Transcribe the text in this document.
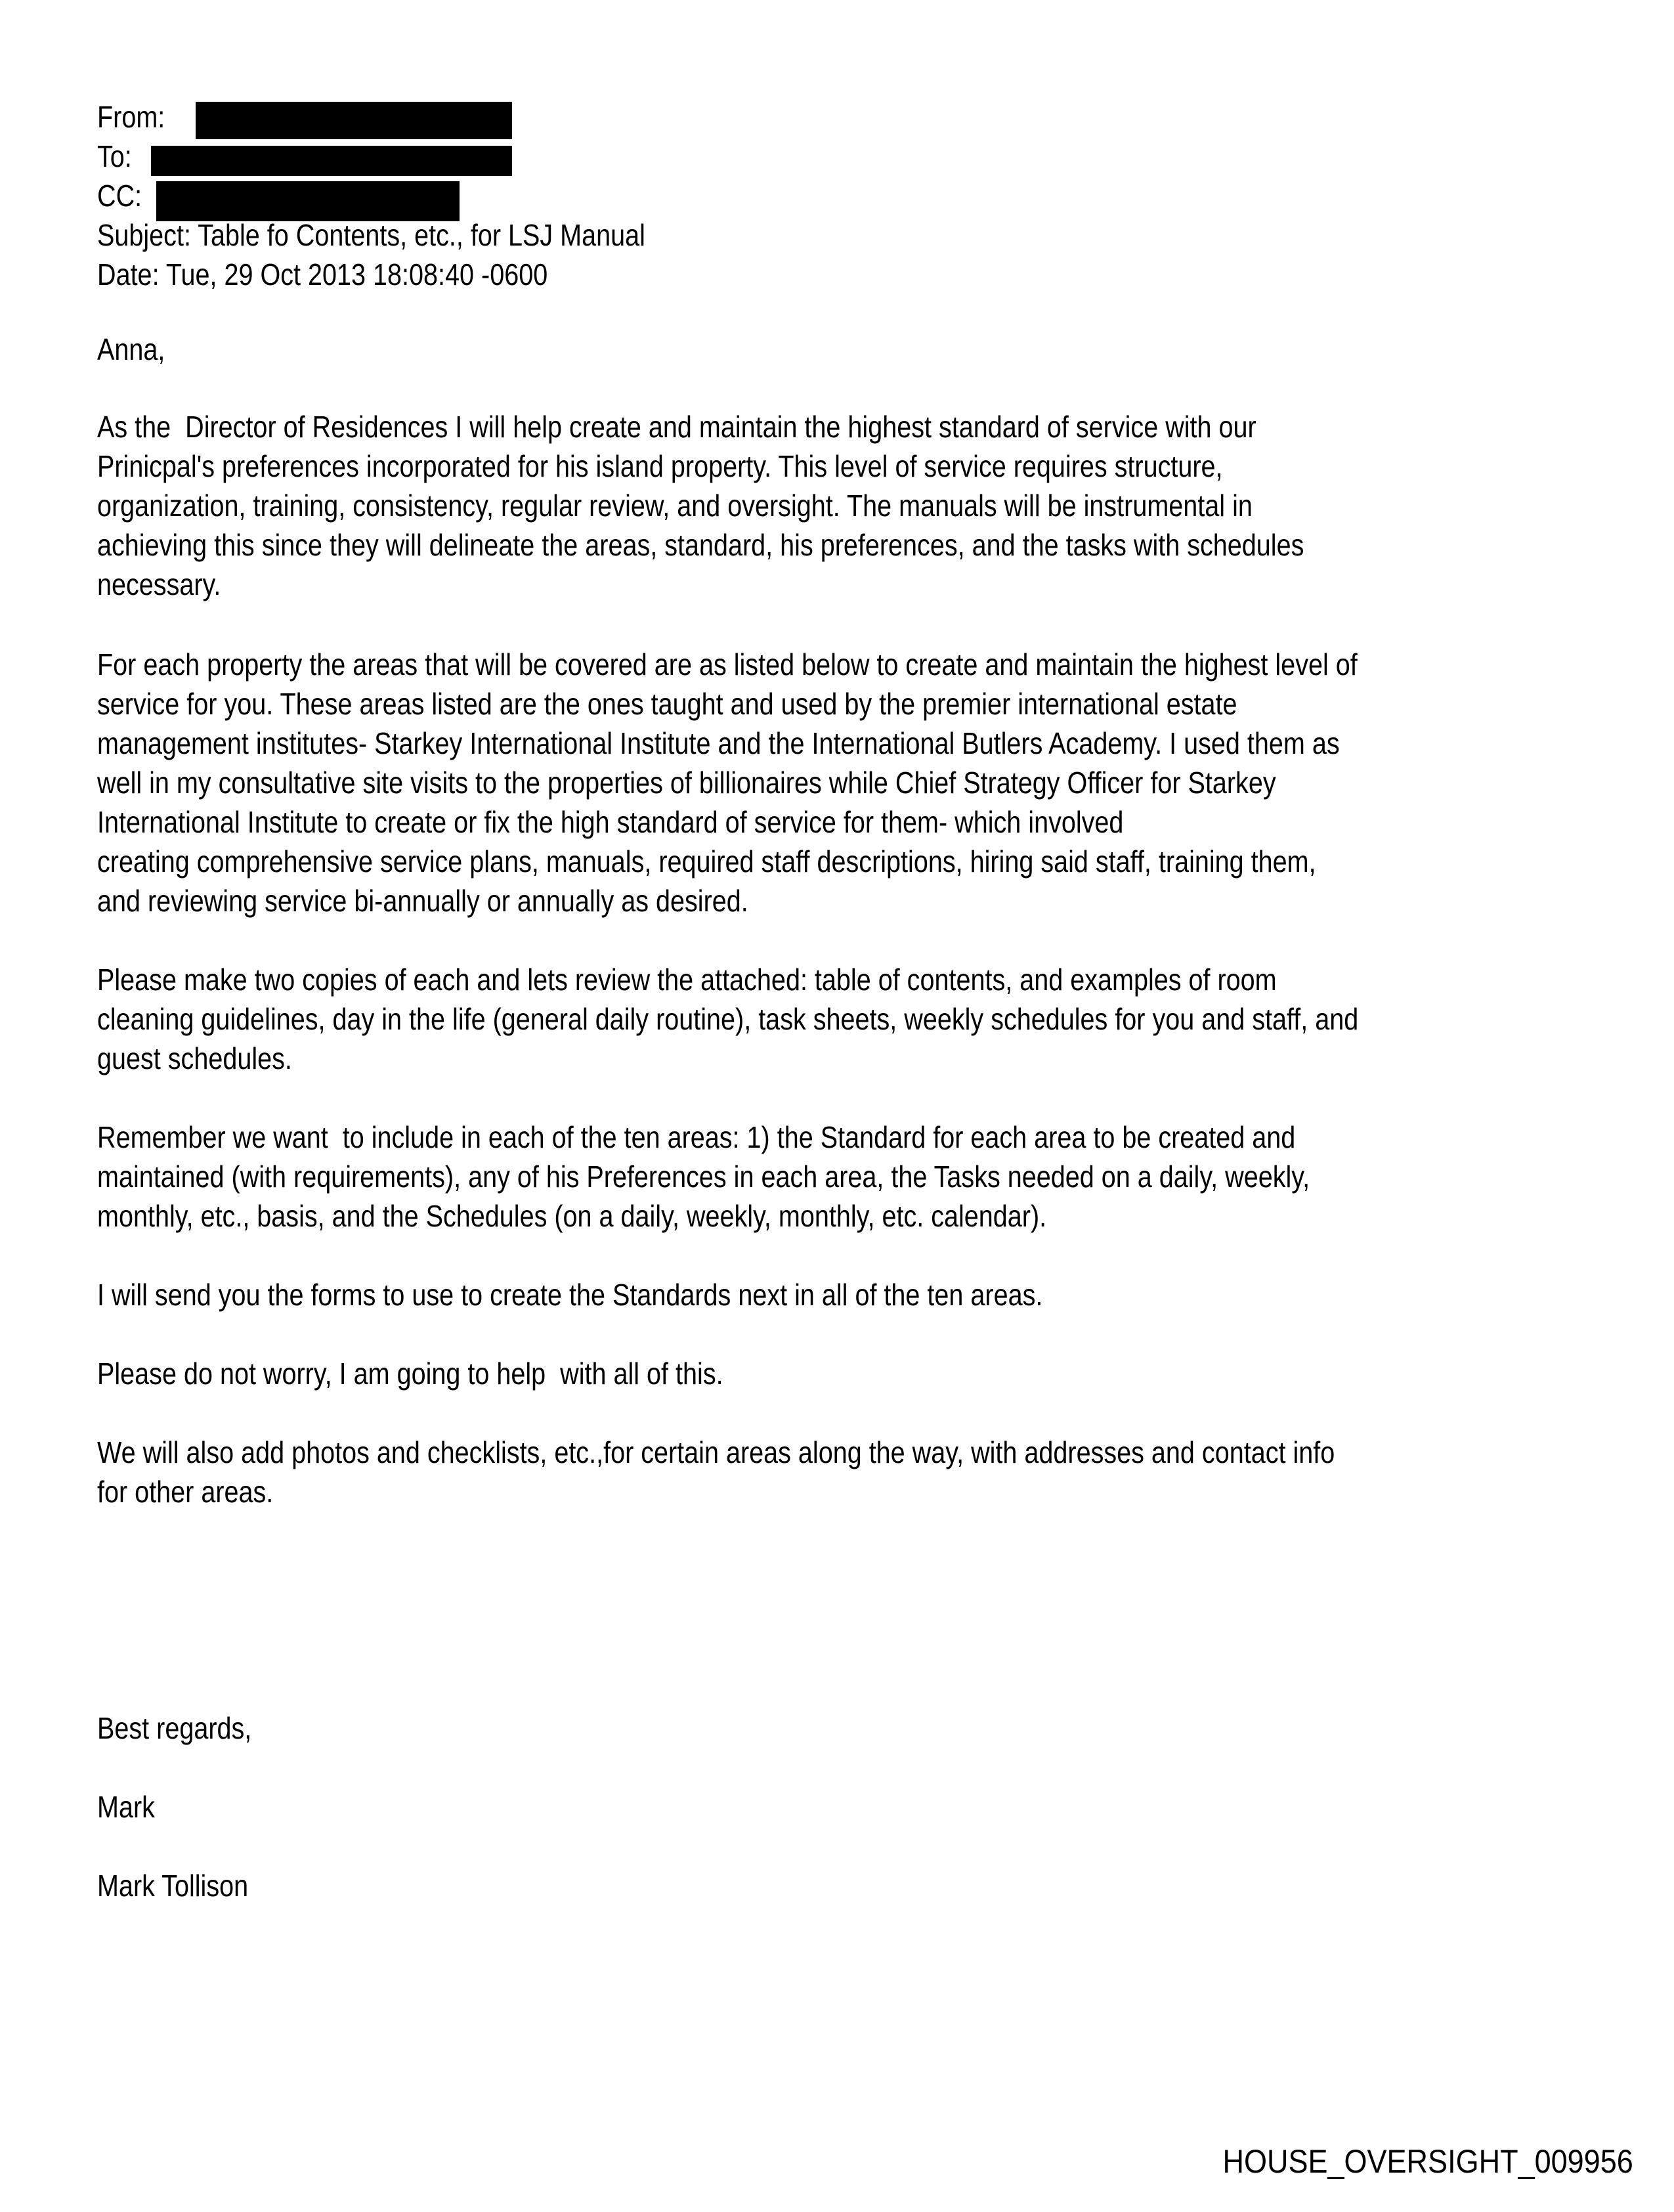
From:
To:
CC:
Subject: Table fo Contents, etc., for LSJ Manual
Date: Tue, 29 Oct 2013 18:08:40 -0600
Anna,
As the  Director of Residences I will help create and maintain the highest standard of service with our
Prinicpal's preferences incorporated for his island property. This level of service requires structure,
organization, training, consistency, regular review, and oversight. The manuals will be instrumental in
achieving this since they will delineate the areas, standard, his preferences, and the tasks with schedules
necessary.
For each property the areas that will be covered are as listed below to create and maintain the highest level of
service for you. These areas listed are the ones taught and used by the premier international estate
management institutes- Starkey International Institute and the International Butlers Academy. I used them as
well in my consultative site visits to the properties of billionaires while Chief Strategy Officer for Starkey
International Institute to create or fix the high standard of service for them- which involved
creating comprehensive service plans, manuals, required staff descriptions, hiring said staff, training them,
and reviewing service bi-annually or annually as desired.
Please make two copies of each and lets review the attached: table of contents, and examples of room
cleaning guidelines, day in the life (general daily routine), task sheets, weekly schedules for you and staff, and
guest schedules.
Remember we want  to include in each of the ten areas: 1) the Standard for each area to be created and
maintained (with requirements), any of his Preferences in each area, the Tasks needed on a daily, weekly,
monthly, etc., basis, and the Schedules (on a daily, weekly, monthly, etc. calendar).
I will send you the forms to use to create the Standards next in all of the ten areas.
Please do not worry, I am going to help  with all of this.
We will also add photos and checklists, etc.,for certain areas along the way, with addresses and contact info
for other areas.
Best regards,
Mark
Mark Tollison
HOUSE_OVERSIGHT_009956
